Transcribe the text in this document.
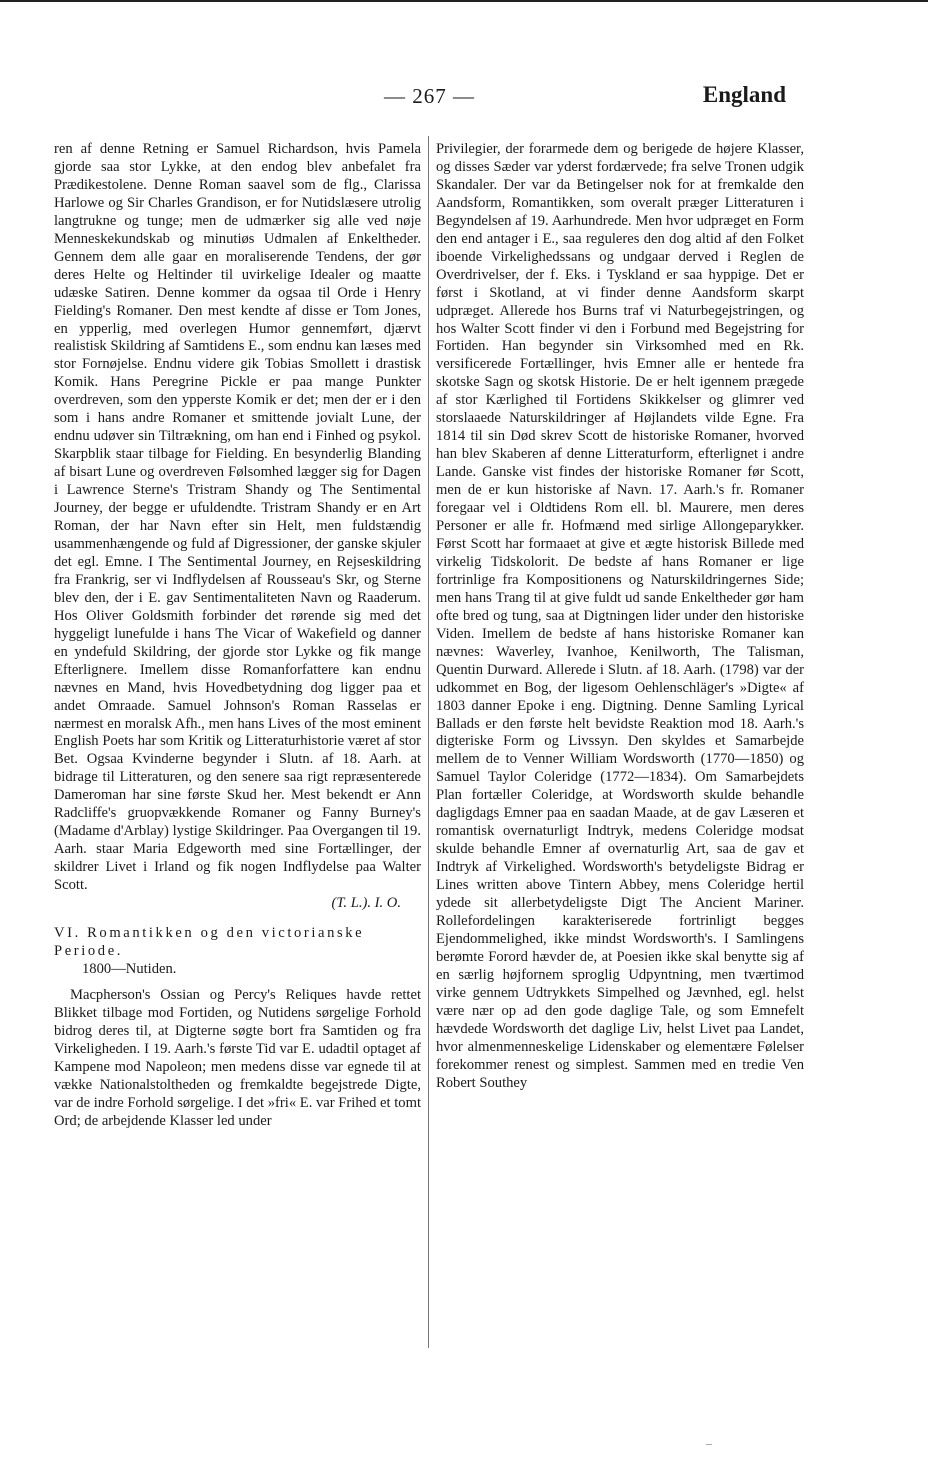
— 267 —	England

ren af denne Retning er Samuel Richardson, hvis Pamela gjorde saa stor Lykke, at den endog blev anbefalet fra Prædikestolene. Denne Roman saavel som de flg., Clarissa Harlowe og Sir Charles Grandison, er for Nutidslæsere utrolig langtrukne og tunge; men de udmærker sig alle ved nøje Menneskekundskab og minutiøs Udmalen af Enkeltheder. Gennem dem alle gaar en moraliserende Tendens, der gør deres Helte og Heltinder til uvirkelige Idealer og maatte udæske Satiren. Denne kommer da ogsaa til Orde i Henry Fielding's Romaner. Den mest kendte af disse er Tom Jones, en ypperlig, med overlegen Humor gennemført, djærvt realistisk Skildring af Samtidens E., som endnu kan læses med stor Fornøjelse. Endnu videre gik Tobias Smollett i drastisk Komik. Hans Peregrine Pickle er paa mange Punkter overdreven, som den ypperste Komik er det; men der er i den som i hans andre Romaner et smittende jovialt Lune, der endnu udøver sin Tiltrækning, om han end i Finhed og psykol. Skarpblik staar tilbage for Fielding. En besynderlig Blanding af bisart Lune og overdreven Følsomhed lægger sig for Dagen i Lawrence Sterne's Tristram Shandy og The Sentimental Journey, der begge er ufuldendte. Tristram Shandy er en Art Roman, der har Navn efter sin Helt, men fuldstændig usammenhængende og fuld af Digressioner, der ganske skjuler det egl. Emne. I The Sentimental Journey, en Rejseskildring fra Frankrig, ser vi Indflydelsen af Rousseau's Skr, og Sterne blev den, der i E. gav Sentimentaliteten Navn og Raaderum. Hos Oliver Goldsmith forbinder det rørende sig med det hyggeligt lunefulde i hans The Vicar of Wakefield og danner en yndefuld Skildring, der gjorde stor Lykke og fik mange Efterlignere. Imellem disse Romanforfattere kan endnu nævnes en Mand, hvis Hovedbetydning dog ligger paa et andet Omraade. Samuel Johnson's Roman Rasselas er nærmest en moralsk Afh., men hans Lives of the most eminent English Poets har som Kritik og Litteraturhistorie været af stor Bet. Ogsaa Kvinderne begynder i Slutn. af 18. Aarh. at bidrage til Litteraturen, og den senere saa rigt repræsenterede Dameroman har sine første Skud her. Mest bekendt er Ann Radcliffe's gruopvækkende Romaner og Fanny Burney's (Madame d'Arblay) lystige Skildringer. Paa Overgangen til 19. Aarh. staar Maria Edgeworth med sine Fortællinger, der skildrer Livet i Irland og fik nogen Indflydelse paa Walter Scott.

(T. L.). I. O.

VI. Romantikken og den victorianske Periode.
1800—Nutiden.

Macpherson's Ossian og Percy's Reliques havde rettet Blikket tilbage mod Fortiden, og Nutidens sørgelige Forhold bidrog deres til, at Digterne søgte bort fra Samtiden og fra Virkeligheden. I 19. Aarh.'s første Tid var E. udadtil optaget af Kampene mod Napoleon; men medens disse var egnede til at vække Nationalstoltheden og fremkaldte begejstrede Digte, var de indre Forhold sørgelige. I det »fri« E. var Frihed et tomt Ord; de arbejdende Klasser led under

Privilegier, der forarmede dem og berigede de højere Klasser, og disses Sæder var yderst fordærvede; fra selve Tronen udgik Skandaler. Der var da Betingelser nok for at fremkalde den Aandsform, Romantikken, som overalt præger Litteraturen i Begyndelsen af 19. Aarhundrede. Men hvor udpræget en Form den end antager i E., saa reguleres den dog altid af den Folket iboende Virkelighedssans og undgaar derved i Reglen de Overdrivelser, der f. Eks. i Tyskland er saa hyppige. Det er først i Skotland, at vi finder denne Aandsform skarpt udpræget. Allerede hos Burns traf vi Naturbegejstringen, og hos Walter Scott finder vi den i Forbund med Begejstring for Fortiden. Han begynder sin Virksomhed med en Rk. versificerede Fortællinger, hvis Emner alle er hentede fra skotske Sagn og skotsk Historie. De er helt igennem prægede af stor Kærlighed til Fortidens Skikkelser og glimrer ved storslaaede Naturskildringer af Højlandets vilde Egne. Fra 1814 til sin Død skrev Scott de historiske Romaner, hvorved han blev Skaberen af denne Litteraturform, efterlignet i andre Lande. Ganske vist findes der historiske Romaner før Scott, men de er kun historiske af Navn. 17. Aarh.'s fr. Romaner foregaar vel i Oldtidens Rom ell. bl. Maurere, men deres Personer er alle fr. Hofmænd med sirlige Allongeparykker. Først Scott har formaaet at give et ægte historisk Billede med virkelig Tidskolorit. De bedste af hans Romaner er lige fortrinlige fra Kompositionens og Naturskildringernes Side; men hans Trang til at give fuldt ud sande Enkeltheder gør ham ofte bred og tung, saa at Digtningen lider under den historiske Viden. Imellem de bedste af hans historiske Romaner kan nævnes: Waverley, Ivanhoe, Kenilworth, The Talisman, Quentin Durward. Allerede i Slutn. af 18. Aarh. (1798) var der udkommet en Bog, der ligesom Oehlenschläger's »Digte« af 1803 danner Epoke i eng. Digtning. Denne Samling Lyrical Ballads er den første helt bevidste Reaktion mod 18. Aarh.'s digteriske Form og Livssyn. Den skyldes et Samarbejde mellem de to Venner William Wordsworth (1770—1850) og Samuel Taylor Coleridge (1772—1834). Om Samarbejdets Plan fortæller Coleridge, at Wordsworth skulde behandle dagligdags Emner paa en saadan Maade, at de gav Læseren et romantisk overnaturligt Indtryk, medens Coleridge modsat skulde behandle Emner af overnaturlig Art, saa de gav et Indtryk af Virkelighed. Wordsworth's betydeligste Bidrag er Lines written above Tintern Abbey, mens Coleridge hertil ydede sit allerbetydeligste Digt The Ancient Mariner. Rollefordelingen karakteriserede fortrinligt begges Ejendommelighed, ikke mindst Wordsworth's. I Samlingens berømte Forord hævder de, at Poesien ikke skal benytte sig af en særlig højfornem sproglig Udpyntning, men tværtimod virke gennem Udtrykkets Simpelhed og Jævnhed, egl. helst være nær op ad den gode daglige Tale, og som Emnefelt hævdede Wordsworth det daglige Liv, helst Livet paa Landet, hvor almenmenneskelige Lidenskaber og elementære Følelser forekommer renest og simplest. Sammen med en tredie Ven Robert Southey

–
